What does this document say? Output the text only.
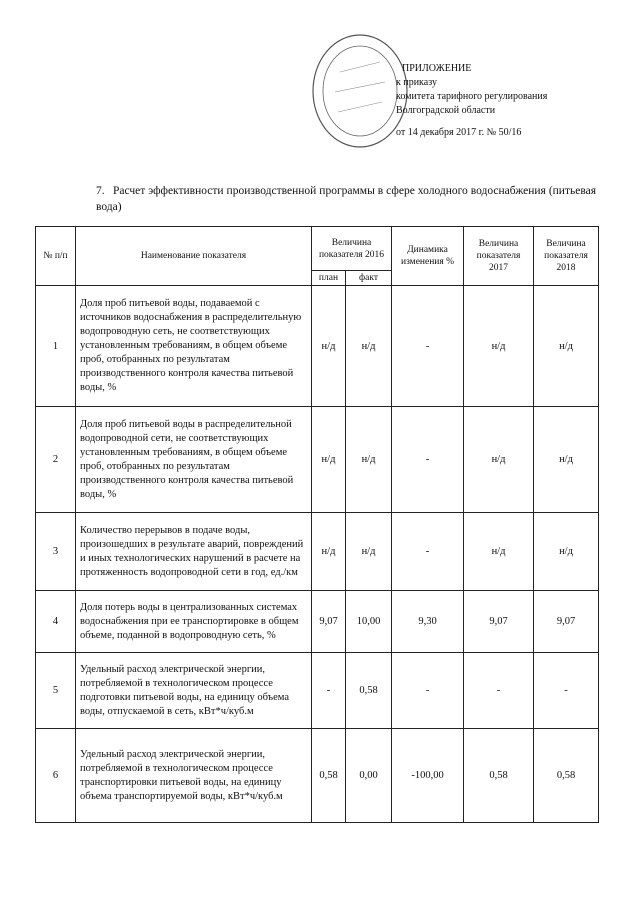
ПРИЛОЖЕНИЕ
к приказу
комитета тарифного регулирования
Волгоградской области
от 14 декабря 2017 г. № 50/16
7. Расчет эффективности производственной программы в сфере холодного водоснабжения (питьевая вода)
№ п/п	Наименование показателя	Величина показателя 2016		Динамика изменения %	Величина показателя 2017	Величина показателя 2018
		план	факт			
1	Доля проб питьевой воды, подаваемой с источников водоснабжения в распределительную водопроводную сеть, не соответствующих установленным требованиям, в общем объеме проб, отобранных по результатам производственного контроля качества питьевой воды, %	н/д	н/д	-	н/д	н/д
2	Доля проб питьевой воды в распределительной водопроводной сети, не соответствующих установленным требованиям, в общем объеме проб, отобранных по результатам производственного контроля качества питьевой воды, %	н/д	н/д	-	н/д	н/д
3	Количество перерывов в подаче воды, произошедших в результате аварий, повреждений и иных технологических нарушений в расчете на протяженность водопроводной сети в год, ед./км	н/д	н/д	-	н/д	н/д
4	Доля потерь воды в централизованных системах водоснабжения при ее транспортировке в общем объеме, поданной в водопроводную сеть, %	9,07	10,00	9,30	9,07	9,07
5	Удельный расход электрической энергии, потребляемой в технологическом процессе подготовки питьевой воды, на единицу объема воды, отпускаемой в сеть, кВт*ч/куб.м	-	0,58	-	-	-
6	Удельный расход электрической энергии, потребляемой в технологическом процессе транспортировки питьевой воды, на единицу объема транспортируемой воды, кВт*ч/куб.м	0,58	0,00	-100,00	0,58	0,58
